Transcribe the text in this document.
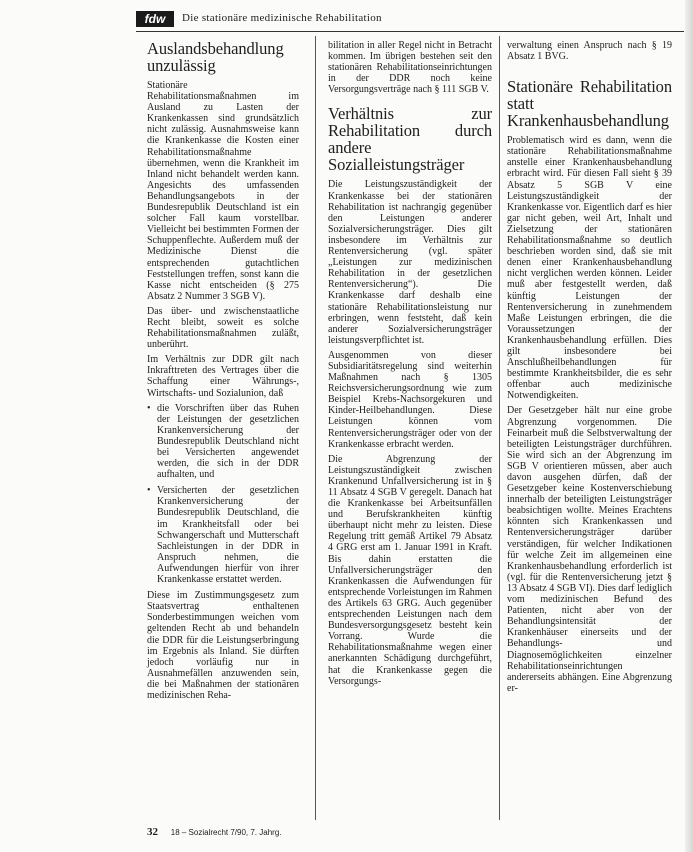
fdw	Die stationäre medizinische Rehabilitation
Auslandsbehandlung unzulässig

Stationäre Rehabilitationsmaßnahmen im Ausland zu Lasten der Krankenkassen sind grundsätzlich nicht zulässig. Ausnahmsweise kann die Krankenkasse die Kosten einer Rehabilitationsmaßnahme übernehmen, wenn die Krankheit im Inland nicht behandelt werden kann. Angesichts des umfassenden Behandlungsangebots in der Bundesrepublik Deutschland ist ein solcher Fall kaum vorstellbar. Vielleicht bei bestimmten Formen der Schuppenflechte. Außerdem muß der Medizinische Dienst die entsprechenden gutachtlichen Feststellungen treffen, sonst kann die Kasse nicht entscheiden (§ 275 Absatz 2 Nummer 3 SGB V).

Das über- und zwischenstaatliche Recht bleibt, soweit es solche Rehabilitationsmaßnahmen zuläßt, unberührt.

Im Verhältnis zur DDR gilt nach Inkrafttreten des Vertrages über die Schaffung einer Währungs-, Wirtschafts- und Sozialunion, daß

• die Vorschriften über das Ruhen der Leistungen der gesetzlichen Krankenversicherung der Bundesrepublik Deutschland nicht bei Versicherten angewendet werden, die sich in der DDR aufhalten, und
• Versicherten der gesetzlichen Krankenversicherung der Bundesrepublik Deutschland, die im Krankheitsfall oder bei Schwangerschaft und Mutterschaft Sachleistungen in der DDR in Anspruch nehmen, die Aufwendungen hierfür von ihrer Krankenkasse erstattet werden.

Diese im Zustimmungsgesetz zum Staatsvertrag enthaltenen Sonderbestimmungen weichen vom geltenden Recht ab und behandeln die DDR für die Leistungserbringung im Ergebnis als Inland. Sie dürften jedoch vorläufig nur in Ausnahmefällen anzuwenden sein, die bei Maßnahmen der stationären medizinischen Reha-

bilitation in aller Regel nicht in Betracht kommen. Im übrigen bestehen seit den stationären Rehabilitationseinrichtungen in der DDR noch keine Versorgungsverträge nach § 111 SGB V.

Verhältnis zur Rehabilitation durch andere Sozialleistungsträger

Die Leistungszuständigkeit der Krankenkasse bei der stationären Rehabilitation ist nachrangig gegenüber den Leistungen anderer Sozialversicherungsträger. Dies gilt insbesondere im Verhältnis zur Rentenversicherung (vgl. später „Leistungen zur medizinischen Rehabilitation in der gesetzlichen Rentenversicherung“). Die Krankenkasse darf deshalb eine stationäre Rehabilitationsleistung nur erbringen, wenn feststeht, daß kein anderer Sozialversicherungsträger leistungsverpflichtet ist.

Ausgenommen von dieser Subsidiaritätsregelung sind weiterhin Maßnahmen nach § 1305 Reichsversicherungsordnung wie zum Beispiel Krebs-Nachsorgekuren und Kinder-Heilbehandlungen. Diese Leistungen können vom Rentenversicherungsträger oder von der Krankenkasse erbracht werden.

Die Abgrenzung der Leistungszuständigkeit zwischen Krankenund Unfallversicherung ist in § 11 Absatz 4 SGB V geregelt. Danach hat die Krankenkasse bei Arbeitsunfällen und Berufskrankheiten künftig überhaupt nicht mehr zu leisten. Diese Regelung tritt gemäß Artikel 79 Absatz 4 GRG erst am 1. Januar 1991 in Kraft. Bis dahin erstatten die Unfallversicherungsträger den Krankenkassen die Aufwendungen für entsprechende Vorleistungen im Rahmen des Artikels 63 GRG. Auch gegenüber entsprechenden Leistungen nach dem Bundesversorgungsgesetz besteht kein Vorrang. Wurde die Rehabilitationsmaßnahme wegen einer anerkannten Schädigung durchgeführt, hat die Krankenkasse gegen die Versorgungs-

verwaltung einen Anspruch nach § 19 Absatz 1 BVG.

Stationäre Rehabilitation statt Krankenhausbehandlung

Problematisch wird es dann, wenn die stationäre Rehabilitationsmaßnahme anstelle einer Krankenhausbehandlung erbracht wird. Für diesen Fall sieht § 39 Absatz 5 SGB V eine Leistungszuständigkeit der Krankenkasse vor. Eigentlich darf es hier gar nicht geben, weil Art, Inhalt und Zielsetzung der stationären Rehabilitationsmaßnahme so deutlich beschrieben worden sind, daß sie mit denen einer Krankenhausbehandlung nicht verglichen werden können. Leider muß aber festgestellt werden, daß künftig Leistungen der Rentenversicherung in zunehmendem Maße Leistungen erbringen, die die Voraussetzungen der Krankenhausbehandlung erfüllen. Dies gilt insbesondere bei Anschlußheilbehandlungen für bestimmte Krankheitsbilder, die es sehr offenbar auch medizinische Notwendigkeiten.

Der Gesetzgeber hält nur eine grobe Abgrenzung vorgenommen. Die Feinarbeit muß die Selbstverwaltung der beteiligten Leistungsträger durchführen. Sie wird sich an der Abgrenzung im SGB V orientieren müssen, aber auch davon ausgehen dürfen, daß der Gesetzgeber keine Kostenverschiebung innerhalb der beteiligten Leistungsträger beabsichtigen wollte. Meines Erachtens könnten sich Krankenkassen und Rentenversicherungsträger darüber verständigen, für welcher Indikationen für welche Zeit im allgemeinen eine Krankenhausbehandlung erforderlich ist (vgl. für die Rentenversicherung jetzt § 13 Absatz 4 SGB VI). Dies darf lediglich vom medizinischen Befund des Patienten, nicht aber von der Behandlungsintensität der Krankenhäuser einerseits und der Behandlungs- und Diagnosemöglichkeiten einzelner Rehabilitationseinrichtungen andererseits abhängen. Eine Abgrenzung er-

32 18 – Sozialrecht 7/90, 7. Jahrg.
